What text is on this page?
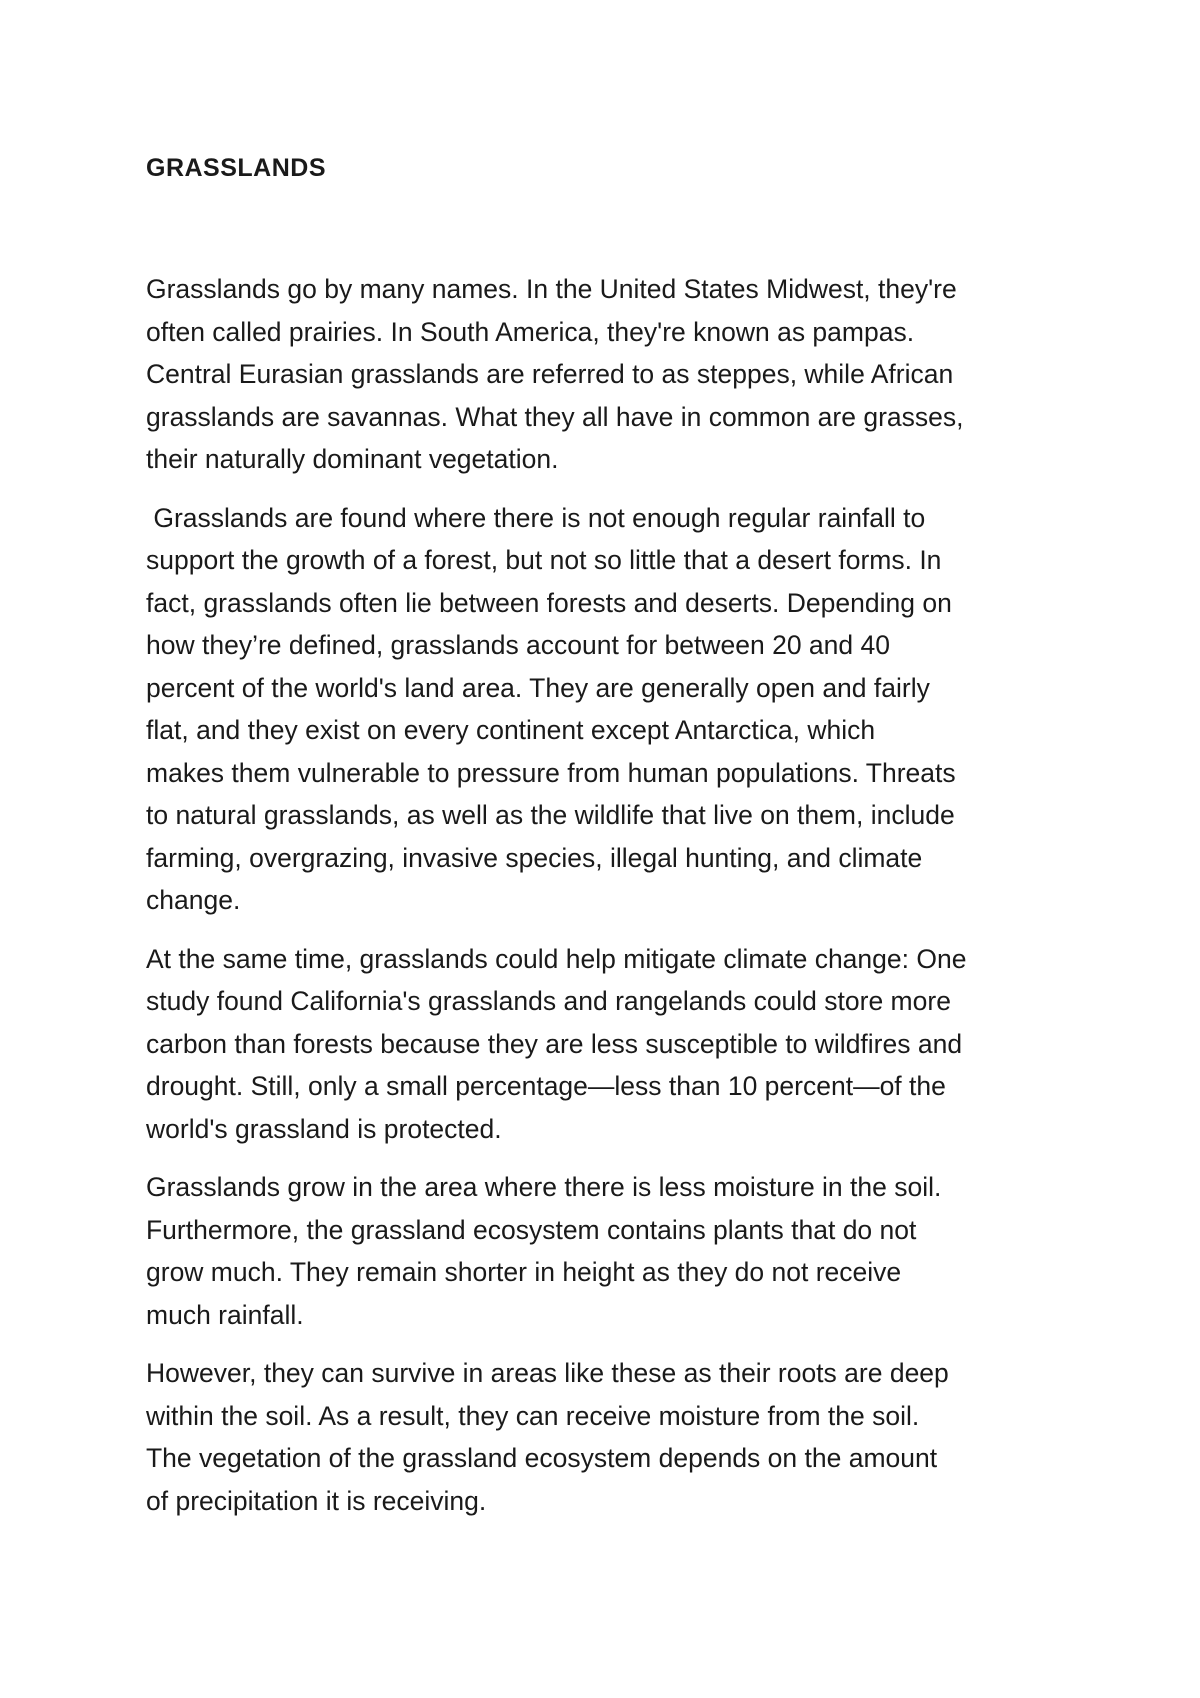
GRASSLANDS

Grasslands go by many names. In the United States Midwest, they're
often called prairies. In South America, they're known as pampas.
Central Eurasian grasslands are referred to as steppes, while African
grasslands are savannas. What they all have in common are grasses,
their naturally dominant vegetation.

Grasslands are found where there is not enough regular rainfall to
support the growth of a forest, but not so little that a desert forms. In
fact, grasslands often lie between forests and deserts. Depending on
how they’re defined, grasslands account for between 20 and 40
percent of the world's land area. They are generally open and fairly
flat, and they exist on every continent except Antarctica, which
makes them vulnerable to pressure from human populations. Threats
to natural grasslands, as well as the wildlife that live on them, include
farming, overgrazing, invasive species, illegal hunting, and climate
change.

At the same time, grasslands could help mitigate climate change: One
study found California's grasslands and rangelands could store more
carbon than forests because they are less susceptible to wildfires and
drought. Still, only a small percentage—less than 10 percent—of the
world's grassland is protected.

Grasslands grow in the area where there is less moisture in the soil.
Furthermore, the grassland ecosystem contains plants that do not
grow much. They remain shorter in height as they do not receive
much rainfall.

However, they can survive in areas like these as their roots are deep
within the soil. As a result, they can receive moisture from the soil.
The vegetation of the grassland ecosystem depends on the amount
of precipitation it is receiving.
